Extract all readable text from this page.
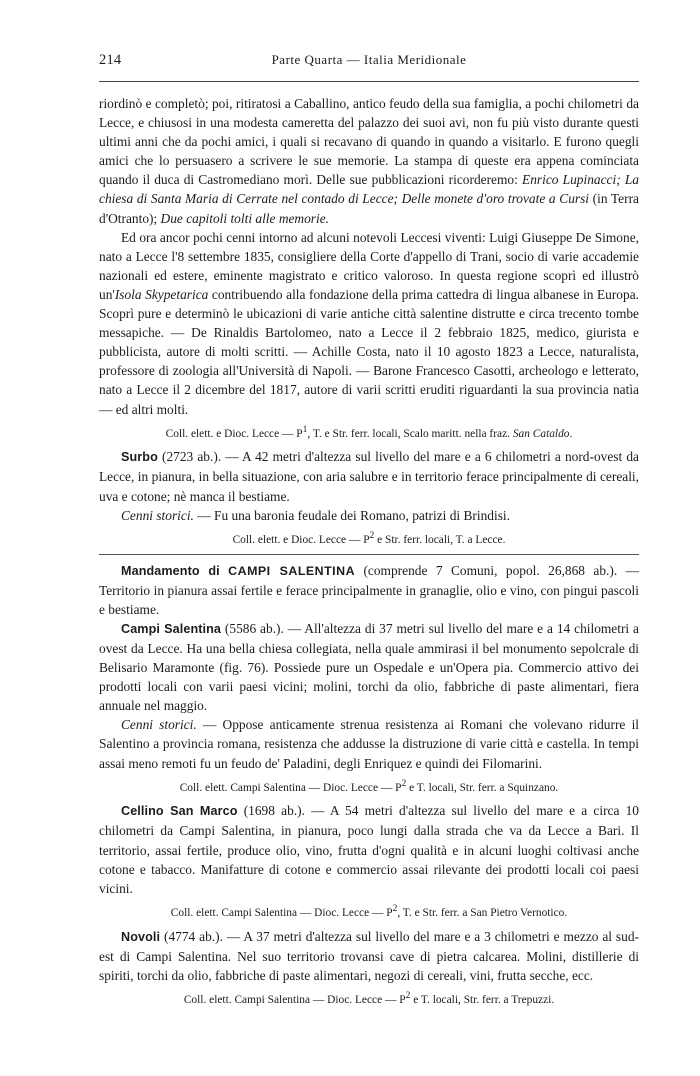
214	Parte Quarta — Italia Meridionale

riordinò e completò; poi, ritiratosi a Caballino, antico feudo della sua famiglia, a pochi chilometri da Lecce, e chiusosi in una modesta cameretta del palazzo dei suoi avi, non fu più visto durante questi ultimi anni che da pochi amici, i quali si recavano di quando in quando a visitarlo. E furono quegli amici che lo persuasero a scrivere le sue memorie. La stampa di queste era appena cominciata quando il duca di Castromediano morì. Delle sue pubblicazioni ricorderemo: Enrico Lupinacci; La chiesa di Santa Maria di Cerrate nel contado di Lecce; Delle monete d'oro trovate a Cursi (in Terra d'Otranto); Due capitoli tolti alle memorie.

Ed ora ancor pochi cenni intorno ad alcuni notevoli Leccesi viventi: Luigi Giuseppe De Simone, nato a Lecce l'8 settembre 1835, consigliere della Corte d'appello di Trani, socio di varie accademie nazionali ed estere, eminente magistrato e critico valoroso. In questa regione scoprì ed illustrò un'Isola Skypetarica contribuendo alla fondazione della prima cattedra di lingua albanese in Europa. Scoprì pure e determinò le ubicazioni di varie antiche città salentine distrutte e circa trecento tombe messapiche. — De Rinaldis Bartolomeo, nato a Lecce il 2 febbraio 1825, medico, giurista e pubblicista, autore di molti scritti. — Achille Costa, nato il 10 agosto 1823 a Lecce, naturalista, professore di zoologia all'Università di Napoli. — Barone Francesco Casotti, archeologo e letterato, nato a Lecce il 2 dicembre del 1817, autore di varii scritti eruditi riguardanti la sua provincia natìa — ed altri molti.

Coll. elett. e Dioc. Lecce — $P^1$, T. e Str. ferr. locali, Scalo maritt. nella fraz. San Cataldo.

Surbo (2723 ab.). — A 42 metri d'altezza sul livello del mare e a 6 chilometri a nord-ovest da Lecce, in pianura, in bella situazione, con aria salubre e in territorio ferace principalmente di cereali, uva e cotone; nè manca il bestiame.

Cenni storici. — Fu una baronia feudale dei Romano, patrizi di Brindisi.

Coll. elett. e Dioc. Lecce — $P^2$ e Str. ferr. locali, T. a Lecce.

Mandamento di CAMPI SALENTINA (comprende 7 Comuni, popol. 26,868 ab.). — Territorio in pianura assai fertile e ferace principalmente in granaglie, olio e vino, con pingui pascoli e bestiame.

Campi Salentina (5586 ab.). — All'altezza di 37 metri sul livello del mare e a 14 chilometri a ovest da Lecce. Ha una bella chiesa collegiata, nella quale ammirasi il bel monumento sepolcrale di Belisario Maramonte (fig. 76). Possiede pure un Ospedale e un'Opera pia. Commercio attivo dei prodotti locali con varii paesi vicini; molini, torchi da olio, fabbriche di paste alimentari, fiera annuale nel maggio.

Cenni storici. — Oppose anticamente strenua resistenza ai Romani che volevano ridurre il Salentino a provincia romana, resistenza che addusse la distruzione di varie città e castella. In tempi assai meno remoti fu un feudo de' Paladini, degli Enriquez e quindi dei Filomarini.

Coll. elett. Campi Salentina — Dioc. Lecce — $P^2$ e T. locali, Str. ferr. a Squinzano.

Cellino San Marco (1698 ab.). — A 54 metri d'altezza sul livello del mare e a circa 10 chilometri da Campi Salentina, in pianura, poco lungi dalla strada che va da Lecce a Bari. Il territorio, assai fertile, produce olio, vino, frutta d'ogni qualità e in alcuni luoghi coltivasi anche cotone e tabacco. Manifatture di cotone e commercio assai rilevante dei prodotti locali coi paesi vicini.

Coll. elett. Campi Salentina — Dioc. Lecce — $P^2$, T. e Str. ferr. a San Pietro Vernotico.

Novoli (4774 ab.). — A 37 metri d'altezza sul livello del mare e a 3 chilometri e mezzo al sud-est di Campi Salentina. Nel suo territorio trovansi cave di pietra calcarea. Molini, distillerie di spiriti, torchi da olio, fabbriche di paste alimentari, negozi di cereali, vini, frutta secche, ecc.

Coll. elett. Campi Salentina — Dioc. Lecce — $P^2$ e T. locali, Str. ferr. a Trepuzzi.
